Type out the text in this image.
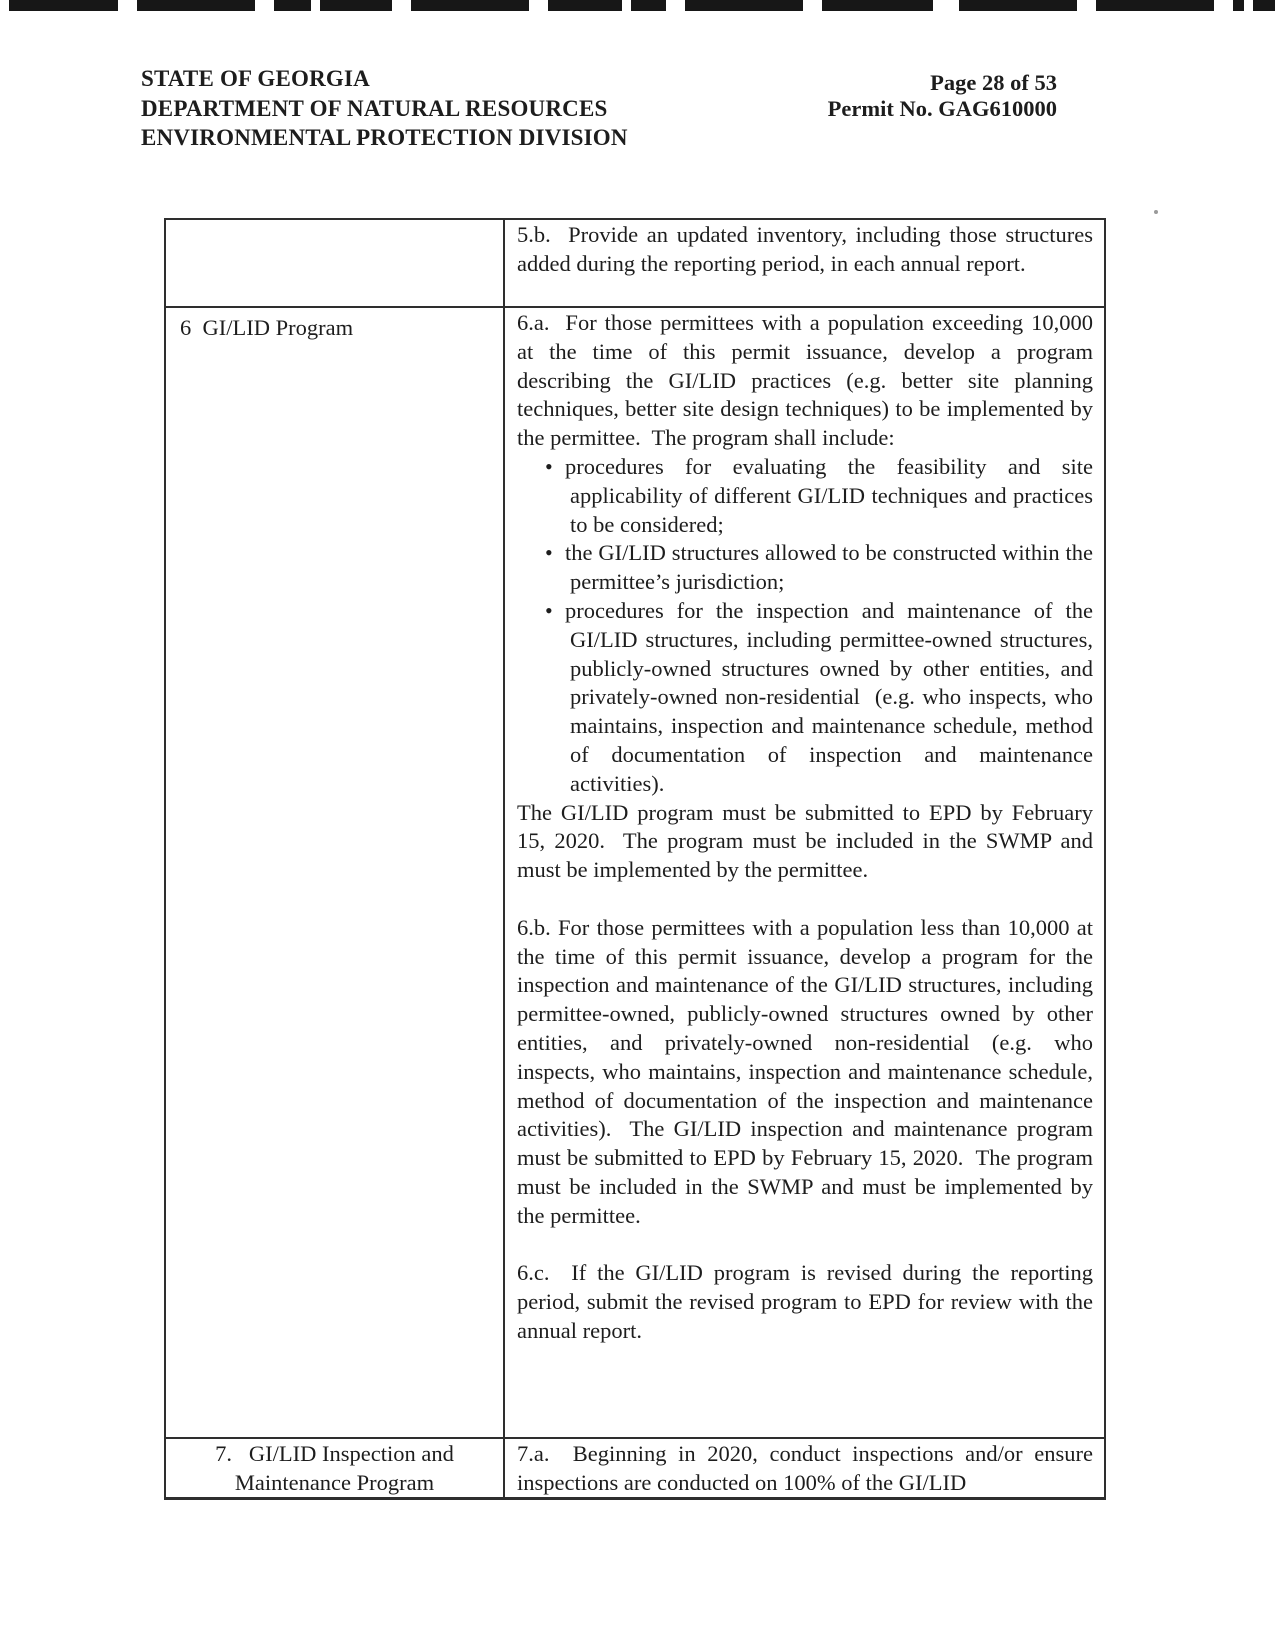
STATE OF GEORGIA
DEPARTMENT OF NATURAL RESOURCES
ENVIRONMENTAL PROTECTION DIVISION
Page 28 of 53
Permit No. GAG610000

5.b.  Provide an updated inventory, including those structures added during the reporting period, in each annual report.

6  GI/LID Program	6.a.  For those permittees with a population exceeding 10,000 at the time of this permit issuance, develop a program describing the GI/LID practices (e.g. better site planning techniques, better site design techniques) to be implemented by the permittee.  The program shall include:

• procedures for evaluating the feasibility and site applicability of different GI/LID techniques and practices to be considered;
• the GI/LID structures allowed to be constructed within the permittee’s jurisdiction;
• procedures for the inspection and maintenance of the GI/LID structures, including permittee-owned structures, publicly-owned structures owned by other entities, and privately-owned non-residential  (e.g. who inspects, who maintains, inspection and maintenance schedule, method of documentation of inspection and maintenance activities).

The GI/LID program must be submitted to EPD by February 15, 2020.  The program must be included in the SWMP and must be implemented by the permittee.

6.b. For those permittees with a population less than 10,000 at the time of this permit issuance, develop a program for the inspection and maintenance of the GI/LID structures, including permittee-owned, publicly-owned structures owned by other entities, and privately-owned non-residential (e.g. who inspects, who maintains, inspection and maintenance schedule, method of documentation of the inspection and maintenance activities).  The GI/LID inspection and maintenance program must be submitted to EPD by February 15, 2020.  The program must be included in the SWMP and must be implemented by the permittee.

6.c.  If the GI/LID program is revised during the reporting period, submit the revised program to EPD for review with the annual report.

7.   GI/LID Inspection and
Maintenance Program

7.a.  Beginning in 2020, conduct inspections and/or ensure inspections are conducted on 100% of the GI/LID
